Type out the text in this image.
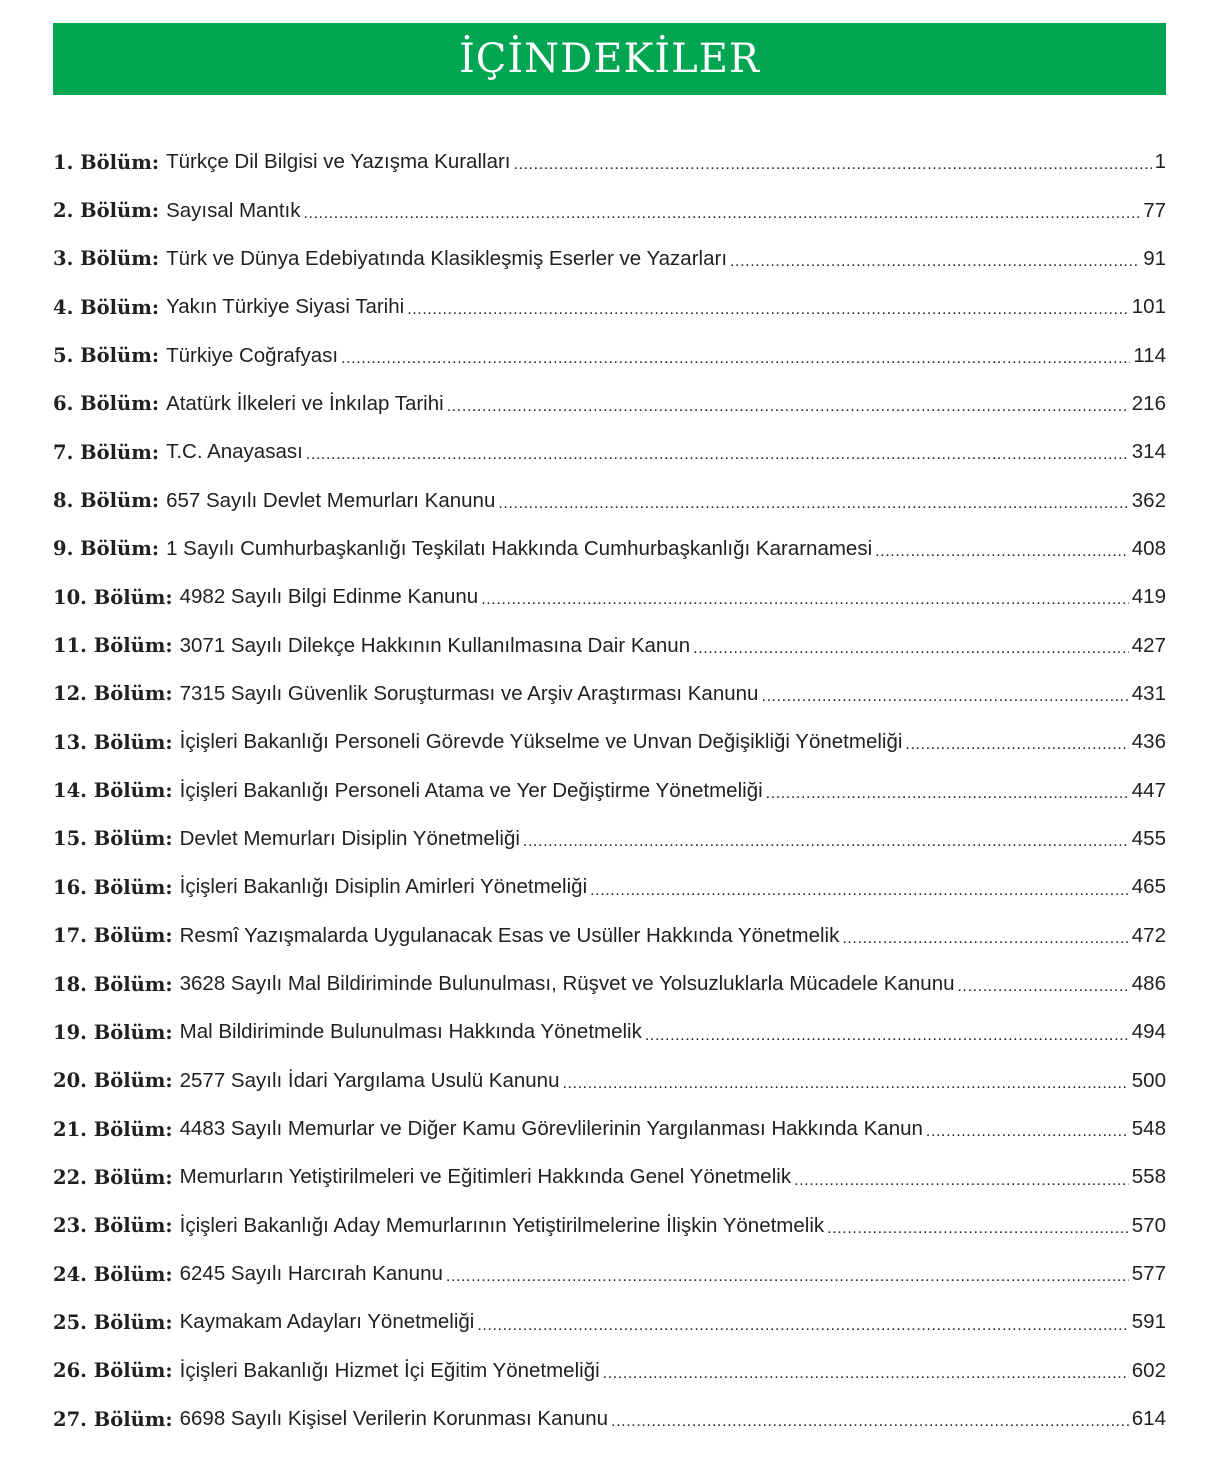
İÇİNDEKİLER
1. Bölüm: Türkçe Dil Bilgisi ve Yazışma Kuralları .....	1
2. Bölüm: Sayısal Mantık .....	77
3. Bölüm: Türk ve Dünya Edebiyatında Klasikleşmiş Eserler ve Yazarları .....	91
4. Bölüm: Yakın Türkiye Siyasi Tarihi .....	101
5. Bölüm: Türkiye Coğrafyası .....	114
6. Bölüm: Atatürk İlkeleri ve İnkılap Tarihi .....	216
7. Bölüm: T.C. Anayasası .....	314
8. Bölüm: 657 Sayılı Devlet Memurları Kanunu .....	362
9. Bölüm: 1 Sayılı Cumhurbaşkanlığı Teşkilatı Hakkında Cumhurbaşkanlığı Kararnamesi .....	408
10. Bölüm: 4982 Sayılı Bilgi Edinme Kanunu .....	419
11. Bölüm: 3071 Sayılı Dilekçe Hakkının Kullanılmasına Dair Kanun .....	427
12. Bölüm: 7315 Sayılı Güvenlik Soruşturması ve Arşiv Araştırması Kanunu .....	431
13. Bölüm: İçişleri Bakanlığı Personeli Görevde Yükselme ve Unvan Değişikliği Yönetmeliği .....	436
14. Bölüm: İçişleri Bakanlığı Personeli Atama ve Yer Değiştirme Yönetmeliği .....	447
15. Bölüm: Devlet Memurları Disiplin Yönetmeliği .....	455
16. Bölüm: İçişleri Bakanlığı Disiplin Amirleri Yönetmeliği .....	465
17. Bölüm: Resmî Yazışmalarda Uygulanacak Esas ve Usüller Hakkında Yönetmelik .....	472
18. Bölüm: 3628 Sayılı Mal Bildiriminde Bulunulması, Rüşvet ve Yolsuzluklarla Mücadele Kanunu .....	486
19. Bölüm: Mal Bildiriminde Bulunulması Hakkında Yönetmelik .....	494
20. Bölüm: 2577 Sayılı İdari Yargılama Usulü Kanunu .....	500
21. Bölüm: 4483 Sayılı Memurlar ve Diğer Kamu Görevlilerinin Yargılanması Hakkında Kanun .....	548
22. Bölüm: Memurların Yetiştirilmeleri ve Eğitimleri Hakkında Genel Yönetmelik .....	558
23. Bölüm: İçişleri Bakanlığı Aday Memurlarının Yetiştirilmelerine İlişkin Yönetmelik .....	570
24. Bölüm: 6245 Sayılı Harcırah Kanunu .....	577
25. Bölüm: Kaymakam Adayları Yönetmeliği .....	591
26. Bölüm: İçişleri Bakanlığı Hizmet İçi Eğitim Yönetmeliği .....	602
27. Bölüm: 6698 Sayılı Kişisel Verilerin Korunması Kanunu .....	614
